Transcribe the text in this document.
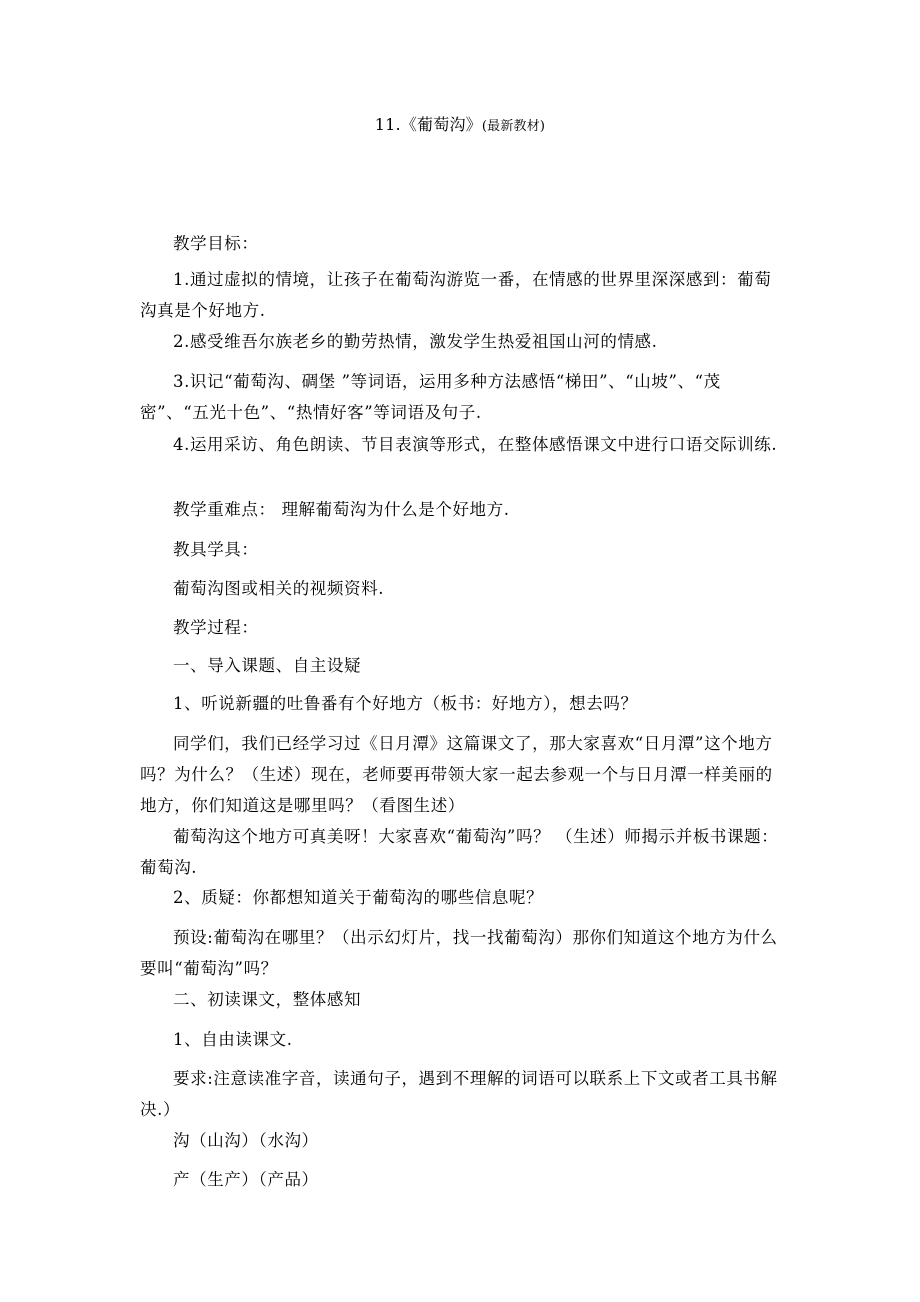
11.《葡萄沟》(最新教材)

教学目标：

1.通过虚拟的情境，让孩子在葡萄沟游览一番，在情感的世界里深深感到：葡萄沟真是个好地方.

2.感受维吾尔族老乡的勤劳热情，激发学生热爱祖国山河的情感.

3.识记“葡萄沟、碉堡 ”等词语，运用多种方法感悟“梯田”、“山坡”、“茂密”、“五光十色”、“热情好客”等词语及句子.

4.运用采访、角色朗读、节目表演等形式，在整体感悟课文中进行口语交际训练.

教学重难点： 理解葡萄沟为什么是个好地方.

教具学具：

葡萄沟图或相关的视频资料.

教学过程：

一、导入课题、自主设疑

1、听说新疆的吐鲁番有个好地方（板书：好地方），想去吗？

同学们，我们已经学习过《日月潭》这篇课文了，那大家喜欢“日月潭”这个地方吗？为什么？（生述）现在，老师要再带领大家一起去参观一个与日月潭一样美丽的地方，你们知道这是哪里吗？（看图生述）

葡萄沟这个地方可真美呀！大家喜欢“葡萄沟”吗？ （生述）师揭示并板书课题：葡萄沟.

2、质疑：你都想知道关于葡萄沟的哪些信息呢？

预设:葡萄沟在哪里？（出示幻灯片，找一找葡萄沟）那你们知道这个地方为什么要叫“葡萄沟”吗？

二、初读课文，整体感知

1、自由读课文.

要求:注意读准字音，读通句子，遇到不理解的词语可以联系上下文或者工具书解决.）

沟（山沟）（水沟）

产（生产）（产品）
